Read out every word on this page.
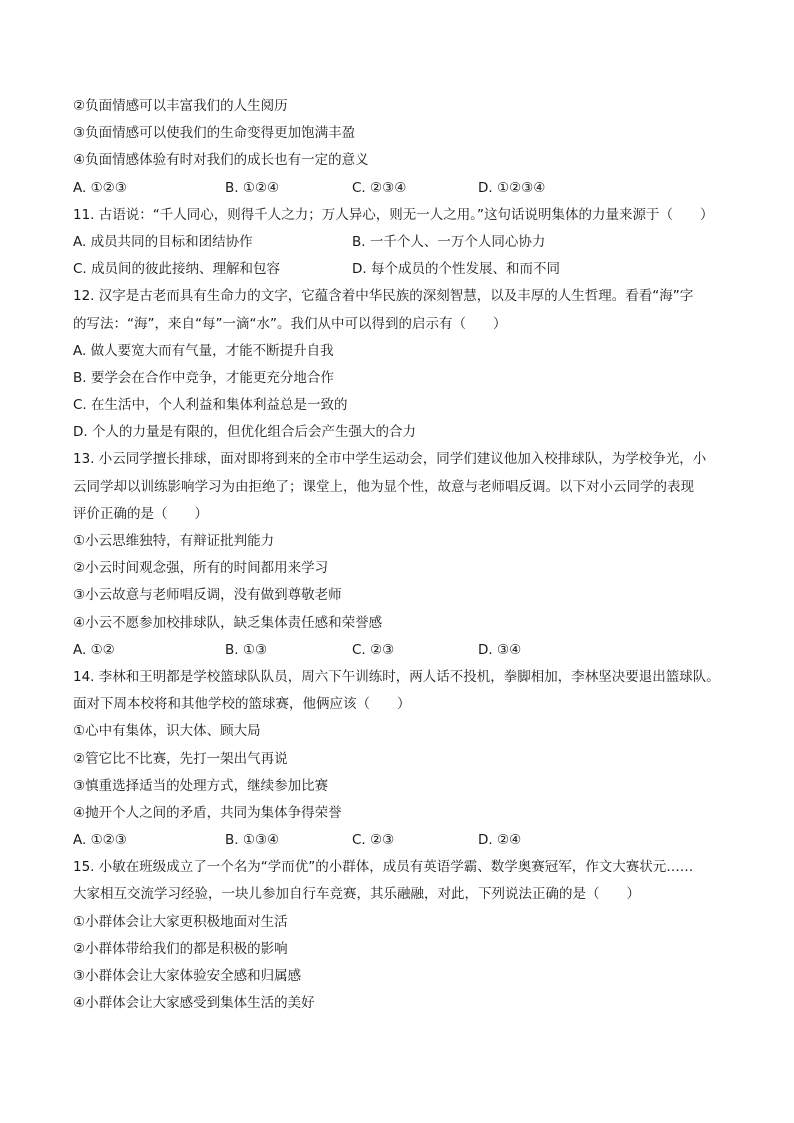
②负面情感可以丰富我们的人生阅历
③负面情感可以使我们的生命变得更加饱满丰盈
④负面情感体验有时对我们的成长也有一定的意义
A. ①②③	B. ①②④	C. ②③④	D. ①②③④
11. 古语说：“千人同心，则得千人之力；万人异心，则无一人之用。”这句话说明集体的力量来源于（　　）
A. 成员共同的目标和团结协作	B. 一千个人、一万个人同心协力
C. 成员间的彼此接纳、理解和包容	D. 每个成员的个性发展、和而不同
12. 汉字是古老而具有生命力的文字，它蕴含着中华民族的深刻智慧，以及丰厚的人生哲理。看看“海”字
的写法：“海”，来自“每”一滴“水”。我们从中可以得到的启示有（　　）
A. 做人要宽大而有气量，才能不断提升自我
B. 要学会在合作中竞争，才能更充分地合作
C. 在生活中，个人利益和集体利益总是一致的
D. 个人的力量是有限的，但优化组合后会产生强大的合力
13. 小云同学擅长排球，面对即将到来的全市中学生运动会，同学们建议他加入校排球队，为学校争光，小
云同学却以训练影响学习为由拒绝了；课堂上，他为显个性，故意与老师唱反调。以下对小云同学的表现
评价正确的是（　　）
①小云思维独特，有辩证批判能力
②小云时间观念强，所有的时间都用来学习
③小云故意与老师唱反调，没有做到尊敬老师
④小云不愿参加校排球队，缺乏集体责任感和荣誉感
A. ①②	B. ①③	C. ②③	D. ③④
14. 李林和王明都是学校篮球队队员，周六下午训练时，两人话不投机，拳脚相加，李林坚决要退出篮球队。
面对下周本校将和其他学校的篮球赛，他俩应该（　　）
①心中有集体，识大体、顾大局
②管它比不比赛，先打一架出气再说
③慎重选择适当的处理方式，继续参加比赛
④抛开个人之间的矛盾，共同为集体争得荣誉
A. ①②③	B. ①③④	C. ②③	D. ②④
15. 小敏在班级成立了一个名为“学而优”的小群体，成员有英语学霸、数学奥赛冠军，作文大赛状元……
大家相互交流学习经验，一块儿参加自行车竞赛，其乐融融，对此，下列说法正确的是（　　）
①小群体会让大家更积极地面对生活
②小群体带给我们的都是积极的影响
③小群体会让大家体验安全感和归属感
④小群体会让大家感受到集体生活的美好
